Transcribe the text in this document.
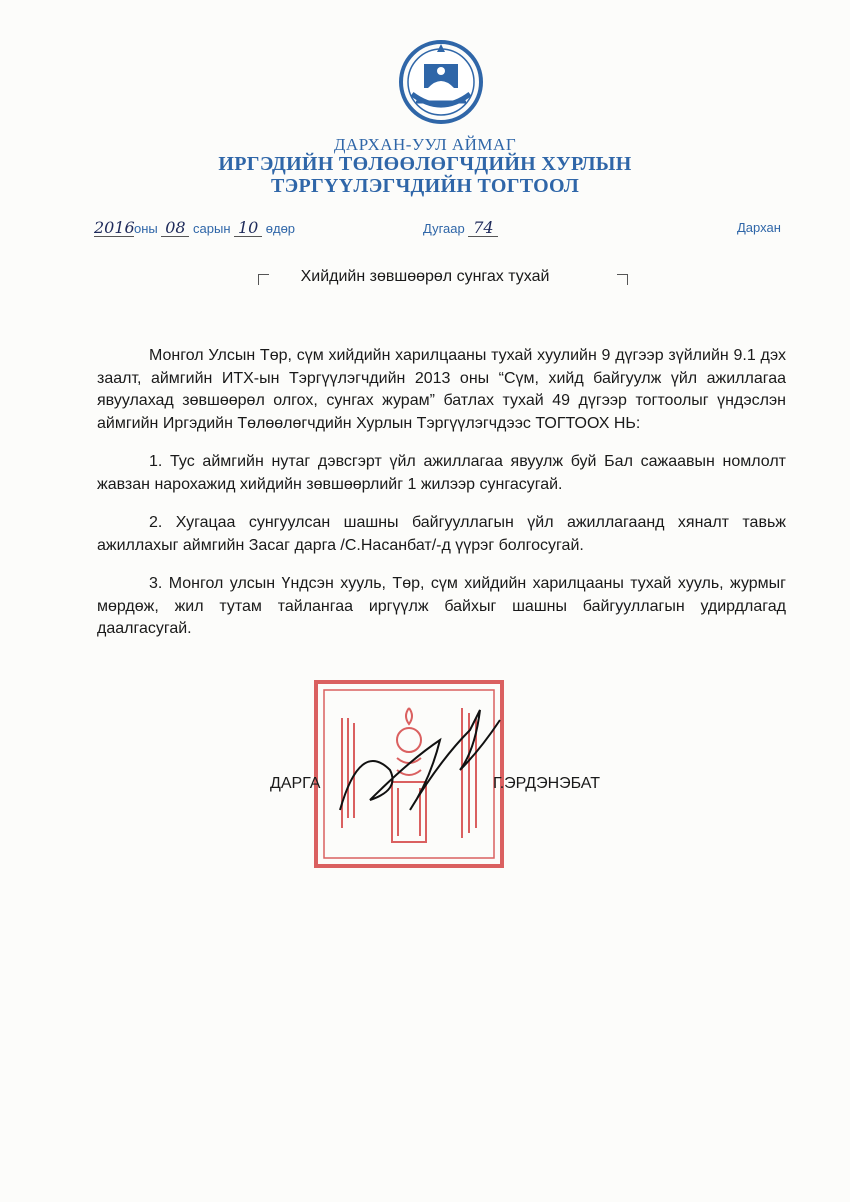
ДАРХАН-УУЛ АЙМАГ
ИРГЭДИЙН ТӨЛӨӨЛӨГЧДИЙН ХУРЛЫН
ТЭРГҮҮЛЭГЧДИЙН ТОГТООЛ
2016оны 08 сарын 10 өдөр	Дугаар 74	Дархан
Хийдийн зөвшөөрөл сунгах тухай

Монгол Улсын Төр, сүм хийдийн харилцааны тухай хуулийн 9 дүгээр зүйлийн 9.1 дэх заалт, аймгийн ИТХ-ын Тэргүүлэгчдийн 2013 оны “Сүм, хийд байгуулж үйл ажиллагаа явуулахад зөвшөөрөл олгох, сунгах журам” батлах тухай 49 дүгээр тогтоолыг үндэслэн аймгийн Иргэдийн Төлөөлөгчдийн Хурлын Тэргүүлэгчдээс ТОГТООХ НЬ:

1. Тус аймгийн нутаг дэвсгэрт үйл ажиллагаа явуулж буй Бал сажаавын номлолт жавзан нарохажид хийдийн зөвшөөрлийг 1 жилээр сунгасугай.

2. Хугацаа сунгуулсан шашны байгууллагын үйл ажиллагаанд хяналт тавьж ажиллахыг аймгийн Засаг дарга /С.Насанбат/-д үүрэг болгосугай.

3. Монгол улсын Үндсэн хууль, Төр, сүм хийдийн харилцааны тухай хууль, журмыг мөрдөж, жил тутам тайлангаа иргүүлж байхыг шашны байгууллагын удирдлагад даалгасугай.

ДАРГА	Г.ЭРДЭНЭБАТ
